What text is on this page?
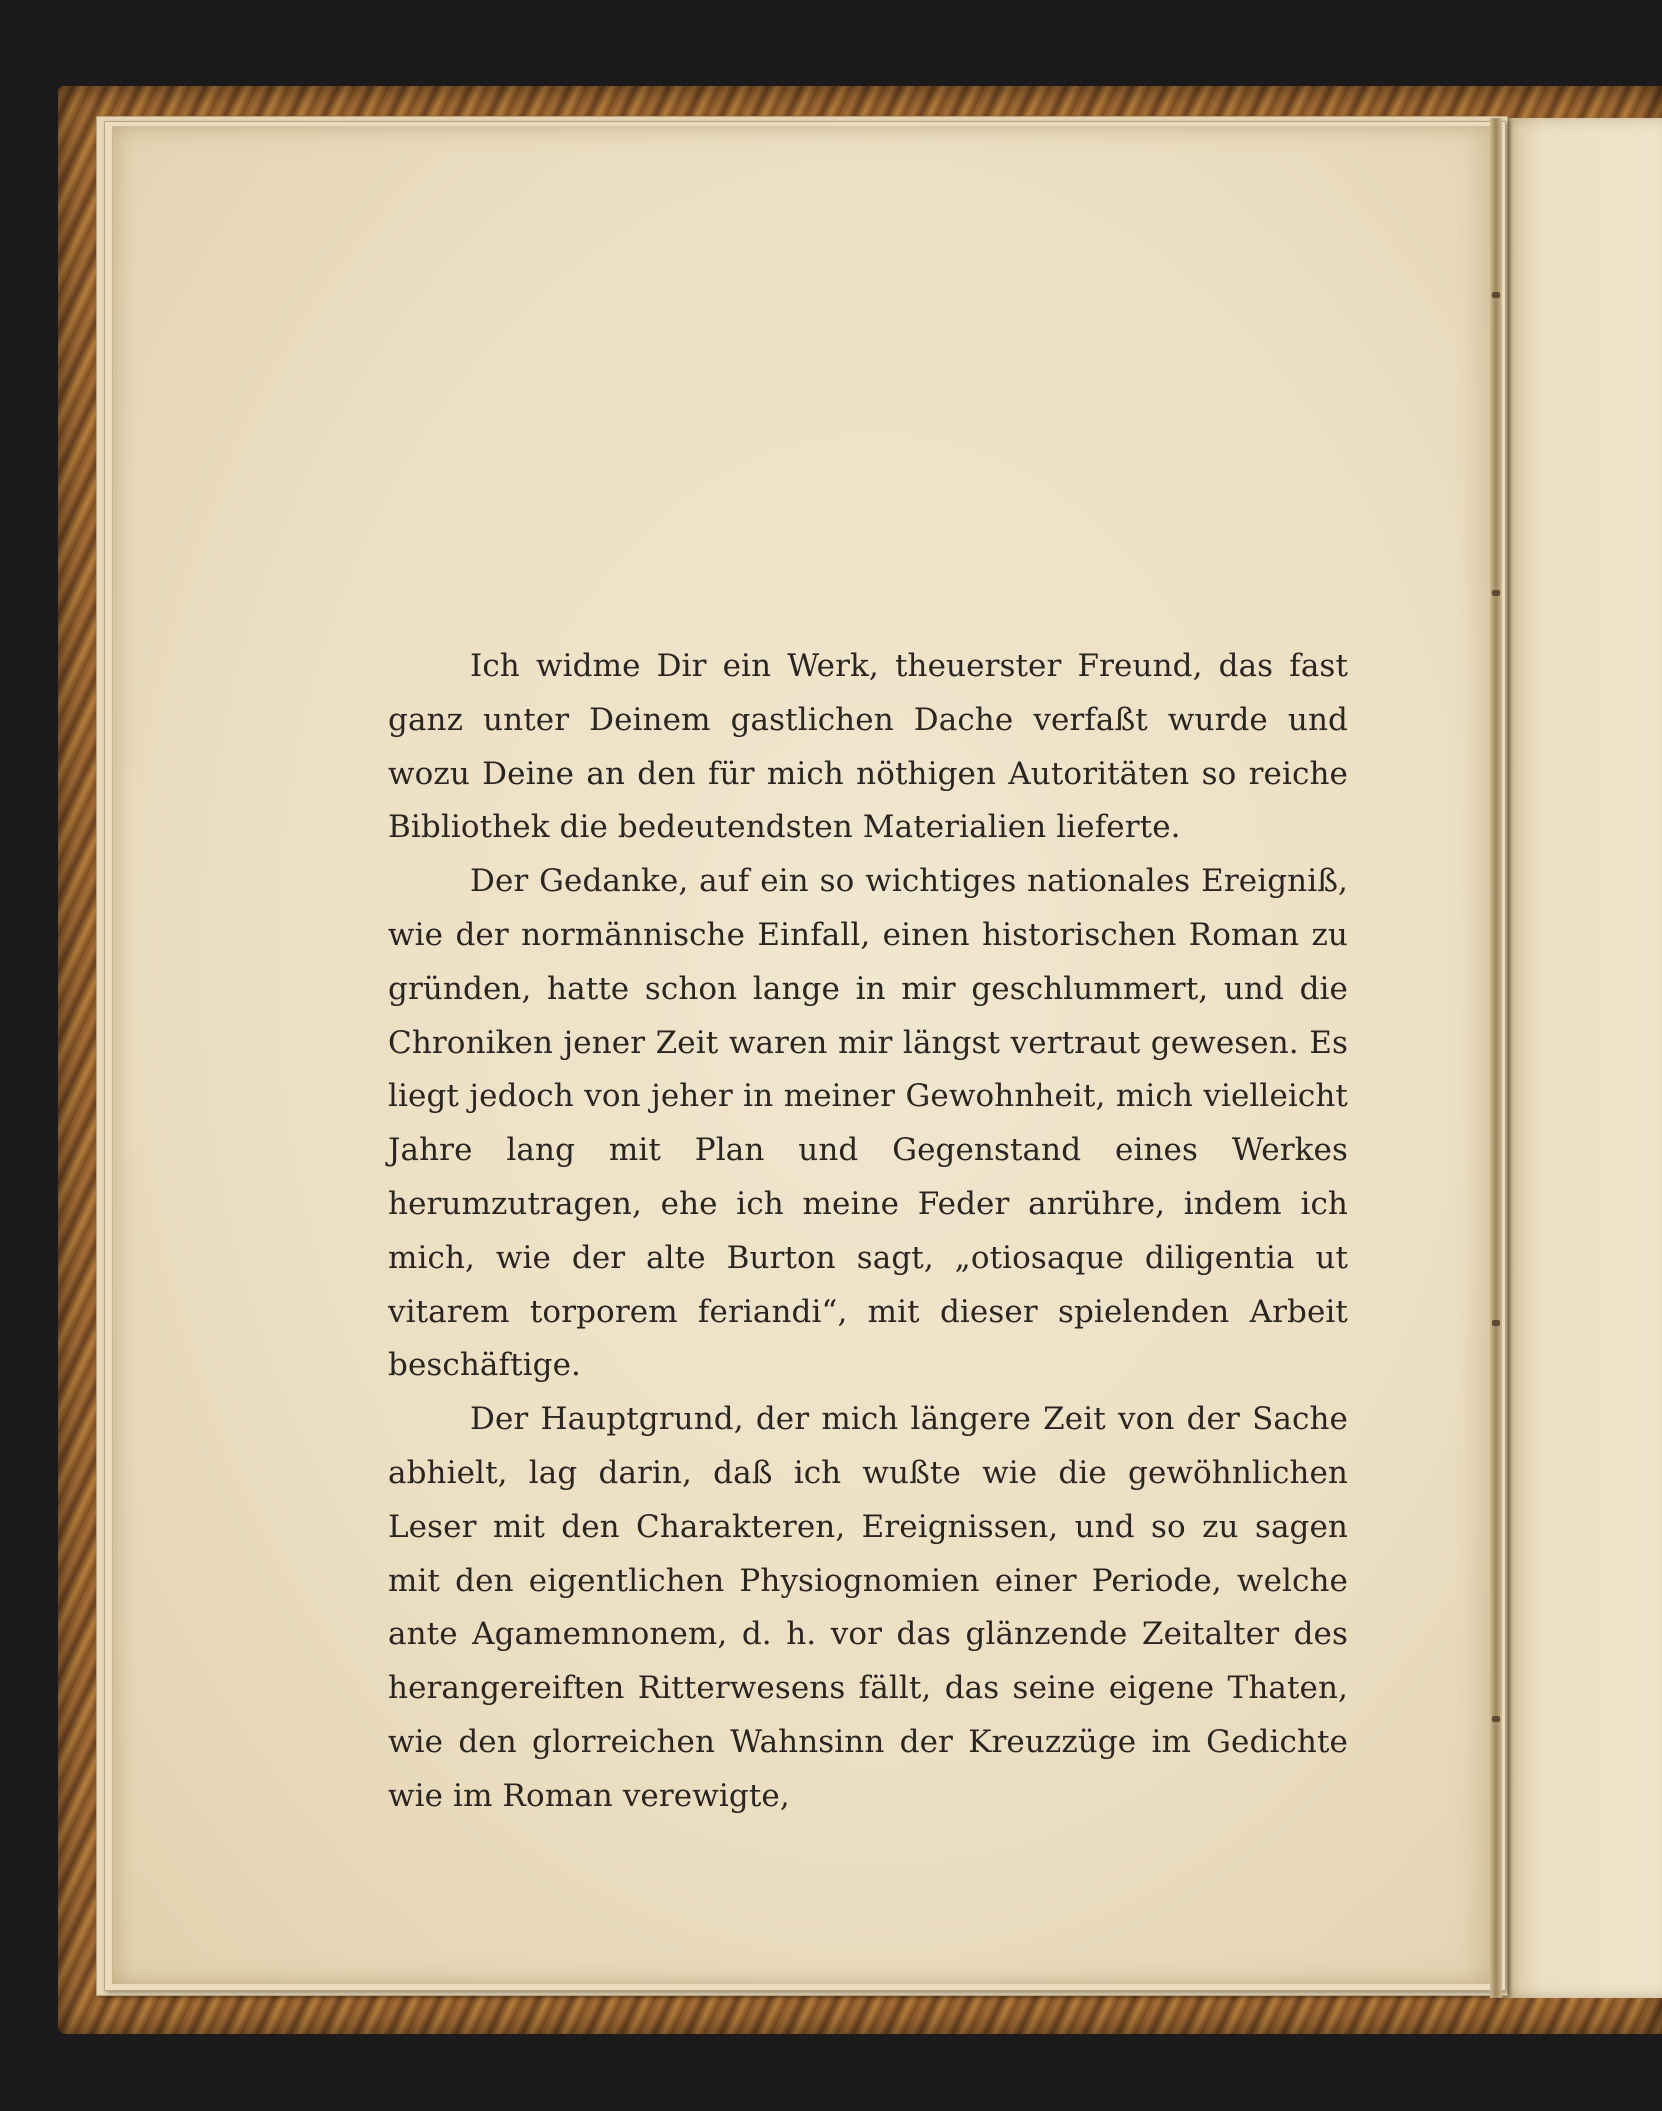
Ich widme Dir ein Werk, theuerster Freund, das fast ganz unter Deinem gastlichen Dache verfaßt wurde und wozu Deine an den für mich nöthigen Autoritäten so reiche Bibliothek die bedeutendsten Materialien lieferte.

Der Gedanke, auf ein so wichtiges nationales Ereigniß, wie der normännische Einfall, einen historischen Roman zu gründen, hatte schon lange in mir geschlummert, und die Chroniken jener Zeit waren mir längst vertraut gewesen. Es liegt jedoch von jeher in meiner Gewohnheit, mich vielleicht Jahre lang mit Plan und Gegenstand eines Werkes herumzutragen, ehe ich meine Feder anrühre, indem ich mich, wie der alte Burton sagt, „otiosaque diligentia ut vitarem torporem feriandi“, mit dieser spielenden Arbeit beschäftige.

Der Hauptgrund, der mich längere Zeit von der Sache abhielt, lag darin, daß ich wußte wie die gewöhnlichen Leser mit den Charakteren, Ereignissen, und so zu sagen mit den eigentlichen Physiognomien einer Periode, welche ante Agamemnonem, d. h. vor das glänzende Zeitalter des herangereiften Ritterwesens fällt, das seine eigene Thaten, wie den glorreichen Wahnsinn der Kreuzzüge im Gedichte wie im Roman verewigte,
